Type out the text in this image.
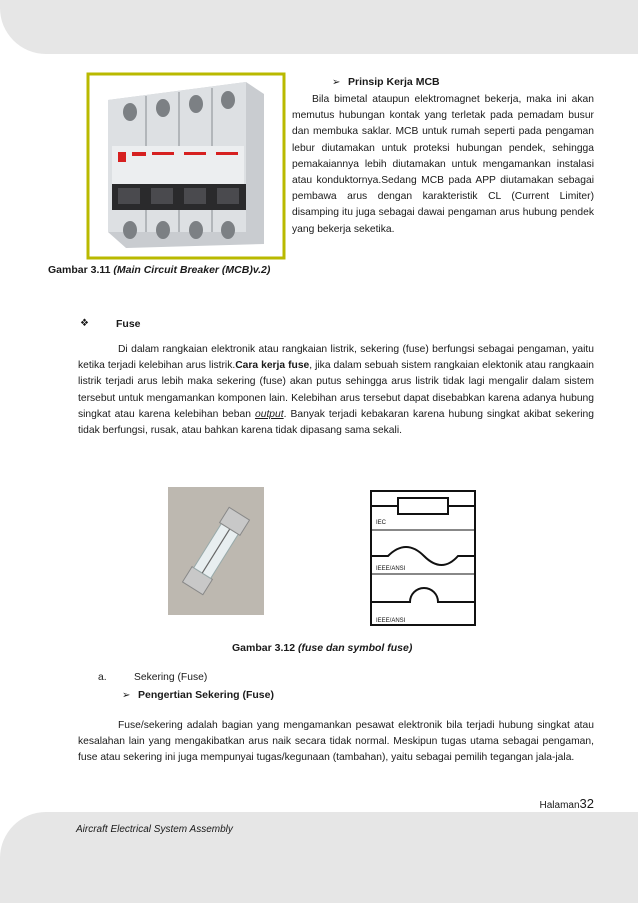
➢ Prinsip Kerja MCB

Bila bimetal ataupun elektromagnet bekerja, maka ini akan memutus hubungan kontak yang terletak pada pemadam busur dan membuka saklar. MCB untuk rumah seperti pada pengaman lebur diutamakan untuk proteksi hubungan pendek, sehingga pemakaiannya lebih diutamakan untuk mengamankan instalasi atau konduktornya.Sedang MCB pada APP diutamakan sebagai pembawa arus dengan karakteristik CL (Current Limiter) disamping itu juga sebagai dawai pengaman arus hubung pendek yang bekerja seketika.

Gambar 3.11 (Main Circuit Breaker (MCB)v.2)
❖	Fuse

Di dalam rangkaian elektronik atau rangkaian listrik, sekering (fuse) berfungsi sebagai pengaman, yaitu ketika terjadi kelebihan arus listrik.Cara kerja fuse, jika dalam sebuah sistem rangkaian elektonik atau rangkaain listrik terjadi arus lebih maka sekering (fuse) akan putus sehingga arus listrik tidak lagi mengalir dalam sistem tersebut untuk mengamankan komponen lain. Kelebihan arus tersebut dapat disebabkan karena adanya hubung singkat atau karena kelebihan beban output. Banyak terjadi kebakaran karena hubung singkat akibat sekering tidak berfungsi, rusak, atau bahkan karena tidak dipasang sama sekali.

IEC
IEEE/ANSI
IEEE/ANSI
Gambar 3.12 (fuse dan symbol fuse)
a.	Sekering (Fuse)
➢ Pengertian Sekering (Fuse)

Fuse/sekering adalah bagian yang mengamankan pesawat elektronik bila terjadi hubung singkat atau kesalahan lain yang mengakibatkan arus naik secara tidak normal. Meskipun tugas utama sebagai pengaman, fuse atau sekering ini juga mempunyai tugas/kegunaan (tambahan), yaitu sebagai pemilih tegangan jala-jala.

Halaman32
Aircraft Electrical System Assembly
